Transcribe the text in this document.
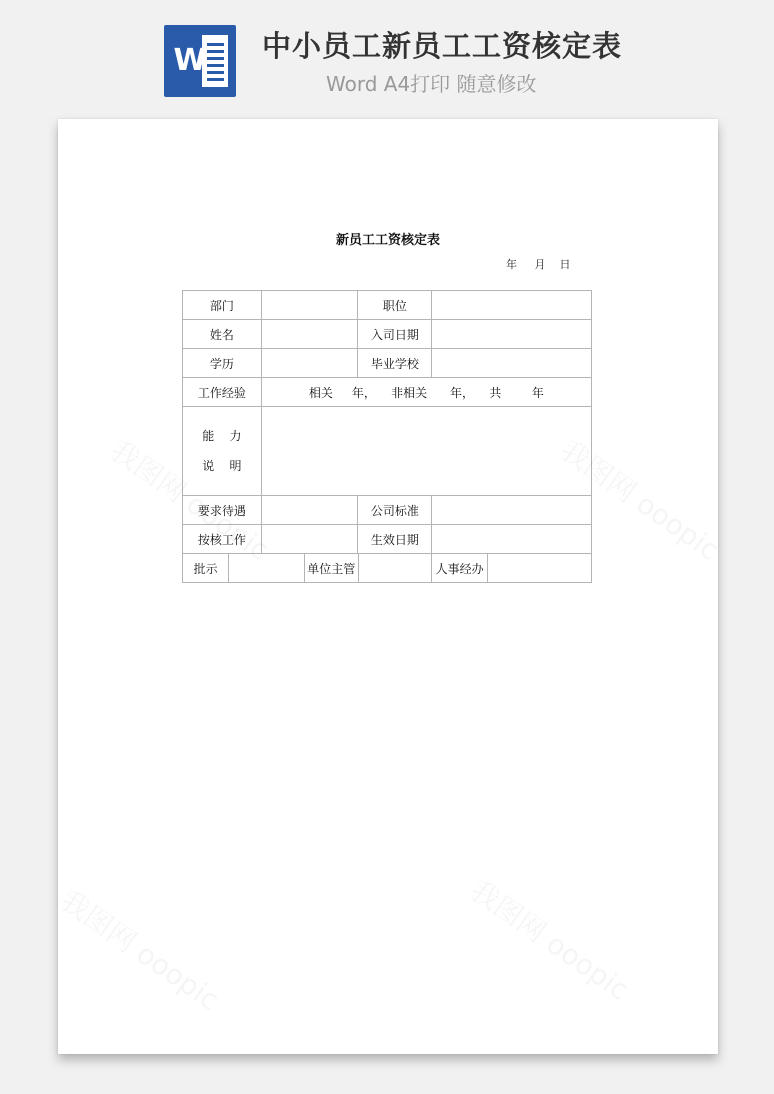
W 中小员工新员工工资核定表
Word A4打印 随意修改
新员工工资核定表
年     月    日
部门		职位	
姓名		入司日期	
学历		毕业学校	
工作经验	相关     年，    非相关      年，    共        年

能    力
说    明

要求待遇		公司标准	
按核工作		生效日期	

批示		单位主管		人事经办	
